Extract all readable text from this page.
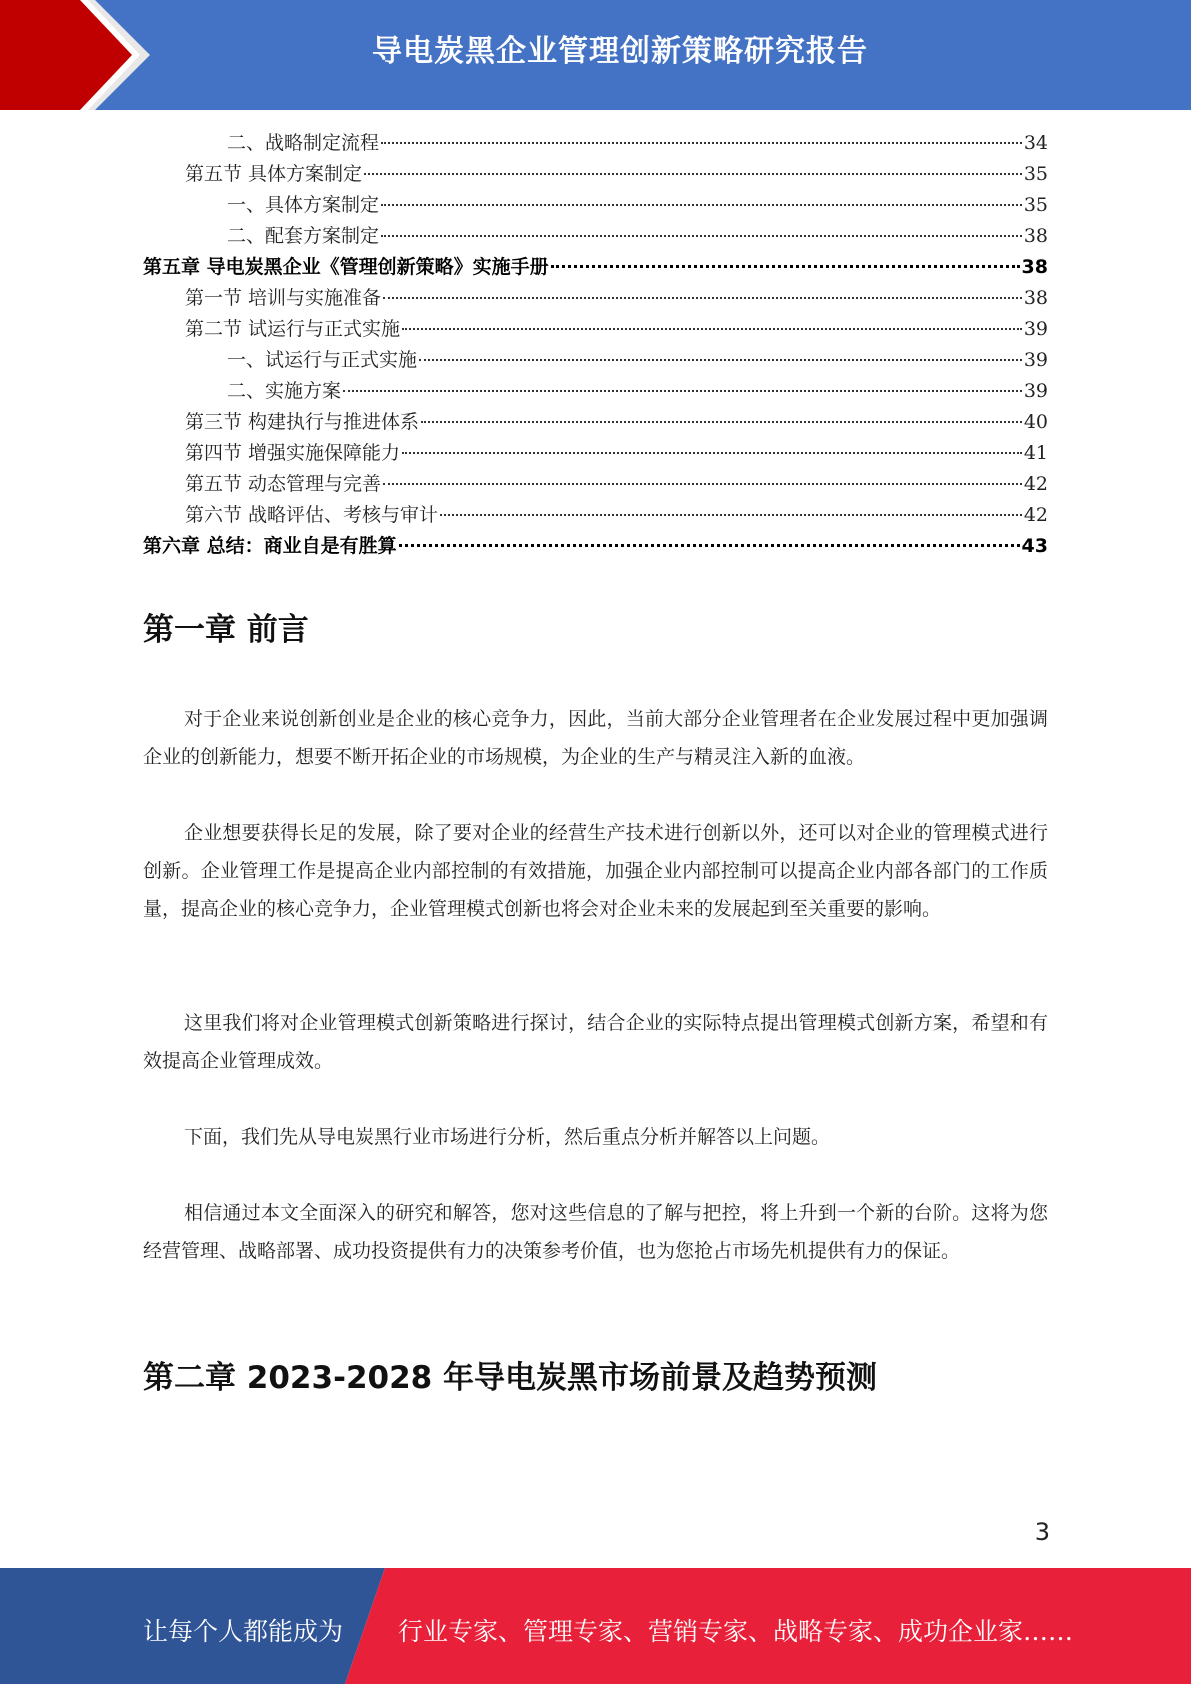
导电炭黑企业管理创新策略研究报告
二、战略制定流程	34
第五节 具体方案制定	35
一、具体方案制定	35
二、配套方案制定	38
第五章 导电炭黑企业《管理创新策略》实施手册	38
第一节 培训与实施准备	38
第二节 试运行与正式实施	39
一、试运行与正式实施	39
二、实施方案	39
第三节 构建执行与推进体系	40
第四节 增强实施保障能力	41
第五节 动态管理与完善	42
第六节 战略评估、考核与审计	42
第六章 总结：商业自是有胜算	43
第一章 前言

对于企业来说创新创业是企业的核心竞争力，因此，当前大部分企业管理者在企业发展过程中更加强调企业的创新能力，想要不断开拓企业的市场规模，为企业的生产与精灵注入新的血液。

企业想要获得长足的发展，除了要对企业的经营生产技术进行创新以外，还可以对企业的管理模式进行创新。企业管理工作是提高企业内部控制的有效措施，加强企业内部控制可以提高企业内部各部门的工作质量，提高企业的核心竞争力，企业管理模式创新也将会对企业未来的发展起到至关重要的影响。

这里我们将对企业管理模式创新策略进行探讨，结合企业的实际特点提出管理模式创新方案，希望和有效提高企业管理成效。

下面，我们先从导电炭黑行业市场进行分析，然后重点分析并解答以上问题。

相信通过本文全面深入的研究和解答，您对这些信息的了解与把控，将上升到一个新的台阶。这将为您经营管理、战略部署、成功投资提供有力的决策参考价值，也为您抢占市场先机提供有力的保证。

第二章 2023-2028 年导电炭黑市场前景及趋势预测
3
让每个人都能成为 行业专家、管理专家、营销专家、战略专家、成功企业家……
